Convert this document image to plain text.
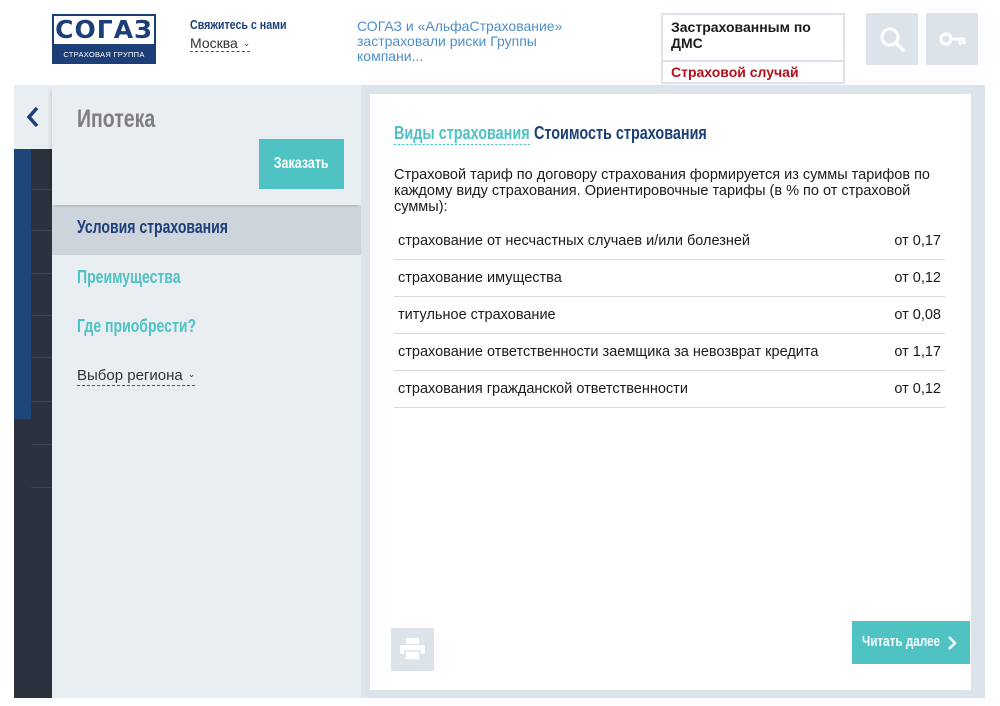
СОГАЗ
СТРАХОВАЯ ГРУППА
Свяжитесь с нами
Москва ⌄
СОГАЗ и «АльфаСтрахование» застраховали риски Группы компани...
Застрахованным по ДМС
Страховой случай
Ипотека
Заказать
Условия страхования
Преимущества
Где приобрести?
Выбор региона ⌄
Виды страхования Стоимость страхования
Страховой тариф по договору страхования формируется из суммы тарифов по каждому виду страхования. Ориентировочные тарифы (в % по от страховой суммы):
страхование от несчастных случаев и/или болезней	от 0,17
страхование имущества	от 0,12
титульное страхование	от 0,08
страхование ответственности заемщика за невозврат кредита	от 1,17
страхования гражданской ответственности	от 0,12
Читать далее
